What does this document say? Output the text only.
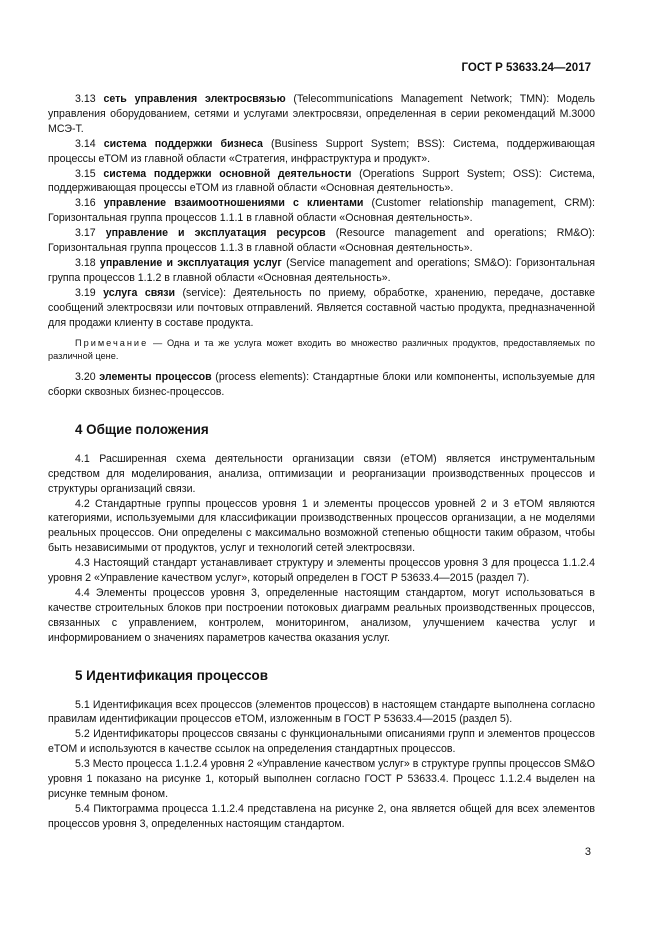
ГОСТ Р 53633.24—2017

3.13 сеть управления электросвязью (Telecommunications Management Network; TMN): Модель управления оборудованием, сетями и услугами электросвязи, определенная в серии рекомендаций М.3000 МСЭ-Т.

3.14 система поддержки бизнеса (Business Support System; BSS): Система, поддерживающая процессы eTOM из главной области «Стратегия, инфраструктура и продукт».

3.15 система поддержки основной деятельности (Operations Support System; OSS): Система, поддерживающая процессы eTOM из главной области «Основная деятельность».

3.16 управление взаимоотношениями с клиентами (Customer relationship management, CRM): Горизонтальная группа процессов 1.1.1 в главной области «Основная деятельность».

3.17 управление и эксплуатация ресурсов (Resource management and operations; RM&O): Горизонтальная группа процессов 1.1.3 в главной области «Основная деятельность».

3.18 управление и эксплуатация услуг (Service management and operations; SM&O): Горизонтальная группа процессов 1.1.2 в главной области «Основная деятельность».

3.19 услуга связи (service): Деятельность по приему, обработке, хранению, передаче, доставке сообщений электросвязи или почтовых отправлений. Является составной частью продукта, предназначенной для продажи клиенту в составе продукта.

Примечание — Одна и та же услуга может входить во множество различных продуктов, предоставляемых по различной цене.

3.20 элементы процессов (process elements): Стандартные блоки или компоненты, используемые для сборки сквозных бизнес-процессов.

4 Общие положения

4.1 Расширенная схема деятельности организации связи (eTOM) является инструментальным средством для моделирования, анализа, оптимизации и реорганизации производственных процессов и структуры организаций связи.

4.2 Стандартные группы процессов уровня 1 и элементы процессов уровней 2 и 3 eTOM являются категориями, используемыми для классификации производственных процессов организации, а не моделями реальных процессов. Они определены с максимально возможной степенью общности таким образом, чтобы быть независимыми от продуктов, услуг и технологий сетей электросвязи.

4.3 Настоящий стандарт устанавливает структуру и элементы процессов уровня 3 для процесса 1.1.2.4 уровня 2 «Управление качеством услуг», который определен в ГОСТ Р 53633.4—2015 (раздел 7).

4.4 Элементы процессов уровня 3, определенные настоящим стандартом, могут использоваться в качестве строительных блоков при построении потоковых диаграмм реальных производственных процессов, связанных с управлением, контролем, мониторингом, анализом, улучшением качества услуг и информированием о значениях параметров качества оказания услуг.

5 Идентификация процессов

5.1 Идентификация всех процессов (элементов процессов) в настоящем стандарте выполнена согласно правилам идентификации процессов eTOM, изложенным в ГОСТ Р 53633.4—2015 (раздел 5).

5.2 Идентификаторы процессов связаны с функциональными описаниями групп и элементов процессов eTOM и используются в качестве ссылок на определения стандартных процессов.

5.3 Место процесса 1.1.2.4 уровня 2 «Управление качеством услуг» в структуре группы процессов SM&O уровня 1 показано на рисунке 1, который выполнен согласно ГОСТ Р 53633.4. Процесс 1.1.2.4 выделен на рисунке темным фоном.

5.4 Пиктограмма процесса 1.1.2.4 представлена на рисунке 2, она является общей для всех элементов процессов уровня 3, определенных настоящим стандартом.

3
